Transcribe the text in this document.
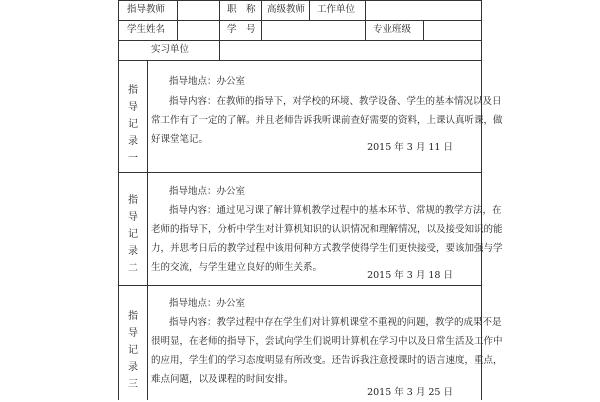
指导教师	职　称 高级教师 工作单位
学生姓名	学　号	专业班级
实习单位
指
导
记
录
一
指导地点：办公室
指导内容：在教师的指导下，对学校的环境、教学设备、学生的基本情况以及日
常工作有了一定的了解。并且老师告诉我听课前查好需要的资料，上课认真听课，做
好课堂笔记。
2015 年 3 月 11 日
指
导
记
录
二
指导地点：办公室
指导内容：通过见习课了解计算机教学过程中的基本环节、常规的教学方法，在
老师的指导下，分析中学生对计算机知识的认识情况和理解情况，以及接受知识的能
力，并思考日后的教学过程中该用何种方式教学使得学生们更快接受，要该加强与学
生的交流，与学生建立良好的师生关系。
2015 年 3 月 18 日
指
导
记
录
三
指导地点：办公室
指导内容：教学过程中存在学生们对计算机课堂不重视的问题，教学的成果不是
很明显，在老师的指导下，尝试向学生们说明计算机在学习中以及日常生活及工作中
的应用，学生们的学习态度明显有所改变。还告诉我注意授课时的语言速度，重点，
难点问题，以及课程的时间安排。
2015 年 3 月 25 日
